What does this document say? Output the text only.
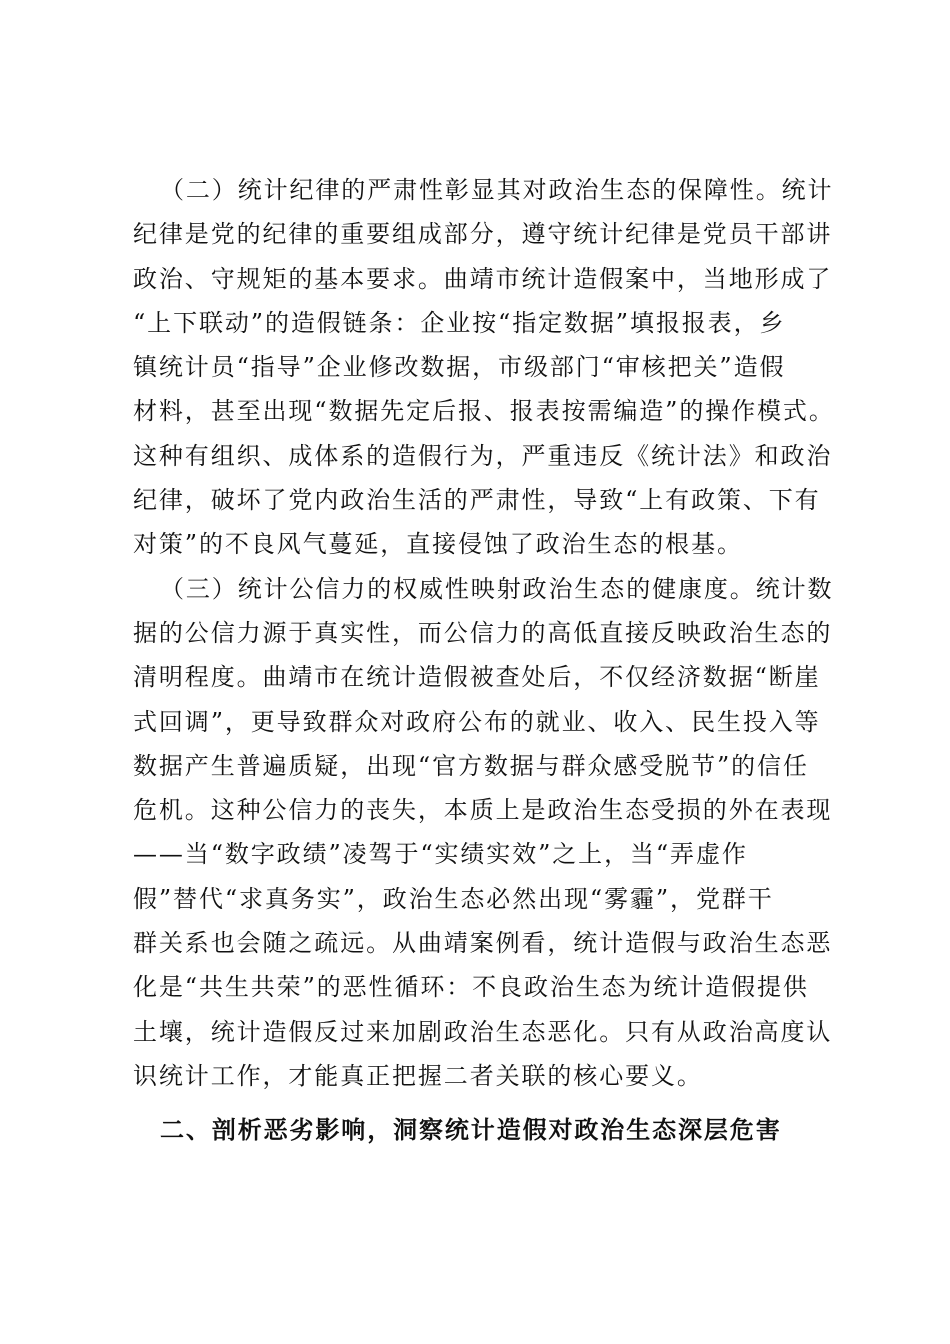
（二）统计纪律的严肃性彰显其对政治生态的保障性。统计
纪律是党的纪律的重要组成部分，遵守统计纪律是党员干部讲
政治、守规矩的基本要求。曲靖市统计造假案中，当地形成了
“上下联动”的造假链条：企业按“指定数据”填报报表，乡
镇统计员“指导”企业修改数据，市级部门“审核把关”造假
材料，甚至出现“数据先定后报、报表按需编造”的操作模式。
这种有组织、成体系的造假行为，严重违反《统计法》和政治
纪律，破坏了党内政治生活的严肃性，导致“上有政策、下有
对策”的不良风气蔓延，直接侵蚀了政治生态的根基。
（三）统计公信力的权威性映射政治生态的健康度。统计数
据的公信力源于真实性，而公信力的高低直接反映政治生态的
清明程度。曲靖市在统计造假被查处后，不仅经济数据“断崖
式回调”，更导致群众对政府公布的就业、收入、民生投入等
数据产生普遍质疑，出现“官方数据与群众感受脱节”的信任
危机。这种公信力的丧失，本质上是政治生态受损的外在表现
——当“数字政绩”凌驾于“实绩实效”之上，当“弄虚作
假”替代“求真务实”，政治生态必然出现“雾霾”，党群干
群关系也会随之疏远。从曲靖案例看，统计造假与政治生态恶
化是“共生共荣”的恶性循环：不良政治生态为统计造假提供
土壤，统计造假反过来加剧政治生态恶化。只有从政治高度认
识统计工作，才能真正把握二者关联的核心要义。
二、剖析恶劣影响，洞察统计造假对政治生态深层危害
